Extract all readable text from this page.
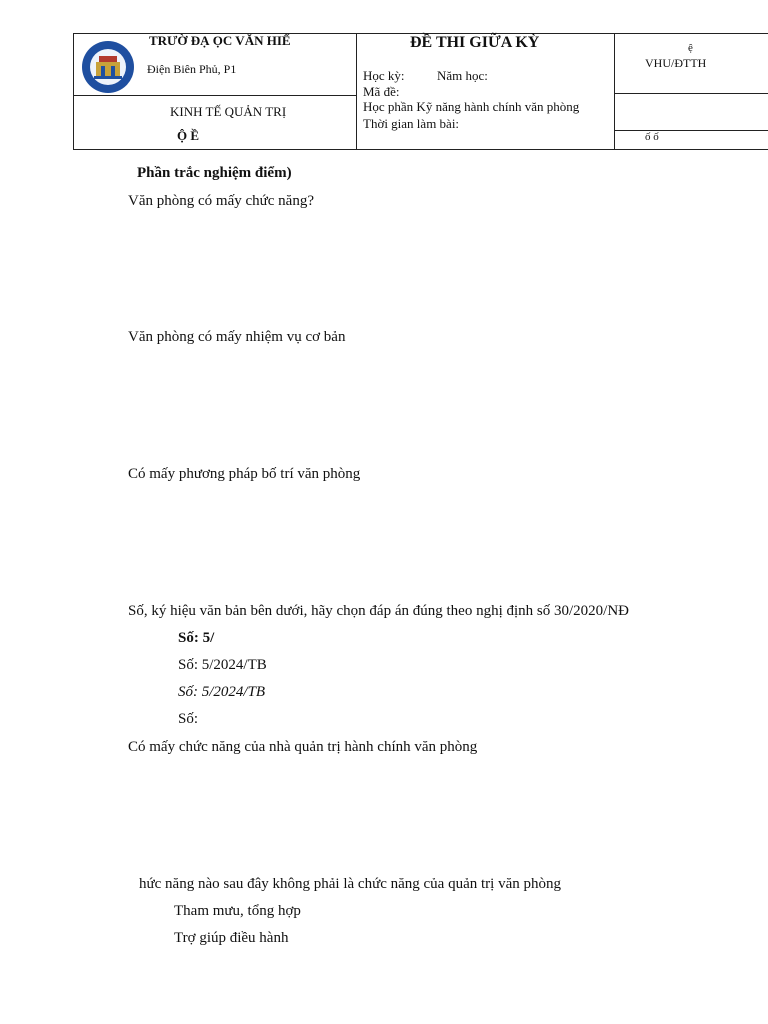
TRƯỜ ĐẠ ỌC VĂN HIẾ
Điện Biên Phủ, P1
KINH TẾ QUẢN TRỊ
Ộ Ề
ĐỀ THI GIỮA KỲ
Học kỳ: Năm học:
Mã đề:
Học phần Kỹ năng hành chính văn phòng
Thời gian làm bài:
ệ
VHU/ĐTTH
ố ố
Phần trắc nghiệm điểm)
Văn phòng có mấy chức năng?
Văn phòng có mấy nhiệm vụ cơ bản
Có mấy phương pháp bố trí văn phòng
Số, ký hiệu văn bản bên dưới, hãy chọn đáp án đúng theo nghị định số 30/2020/NĐ
Số: 5/
Số: 5/2024/TB
Số: 5/2024/TB
Số:
Có mấy chức năng của nhà quản trị hành chính văn phòng
hức năng nào sau đây không phải là chức năng của quản trị văn phòng
Tham mưu, tổng hợp
Trợ giúp điều hành
